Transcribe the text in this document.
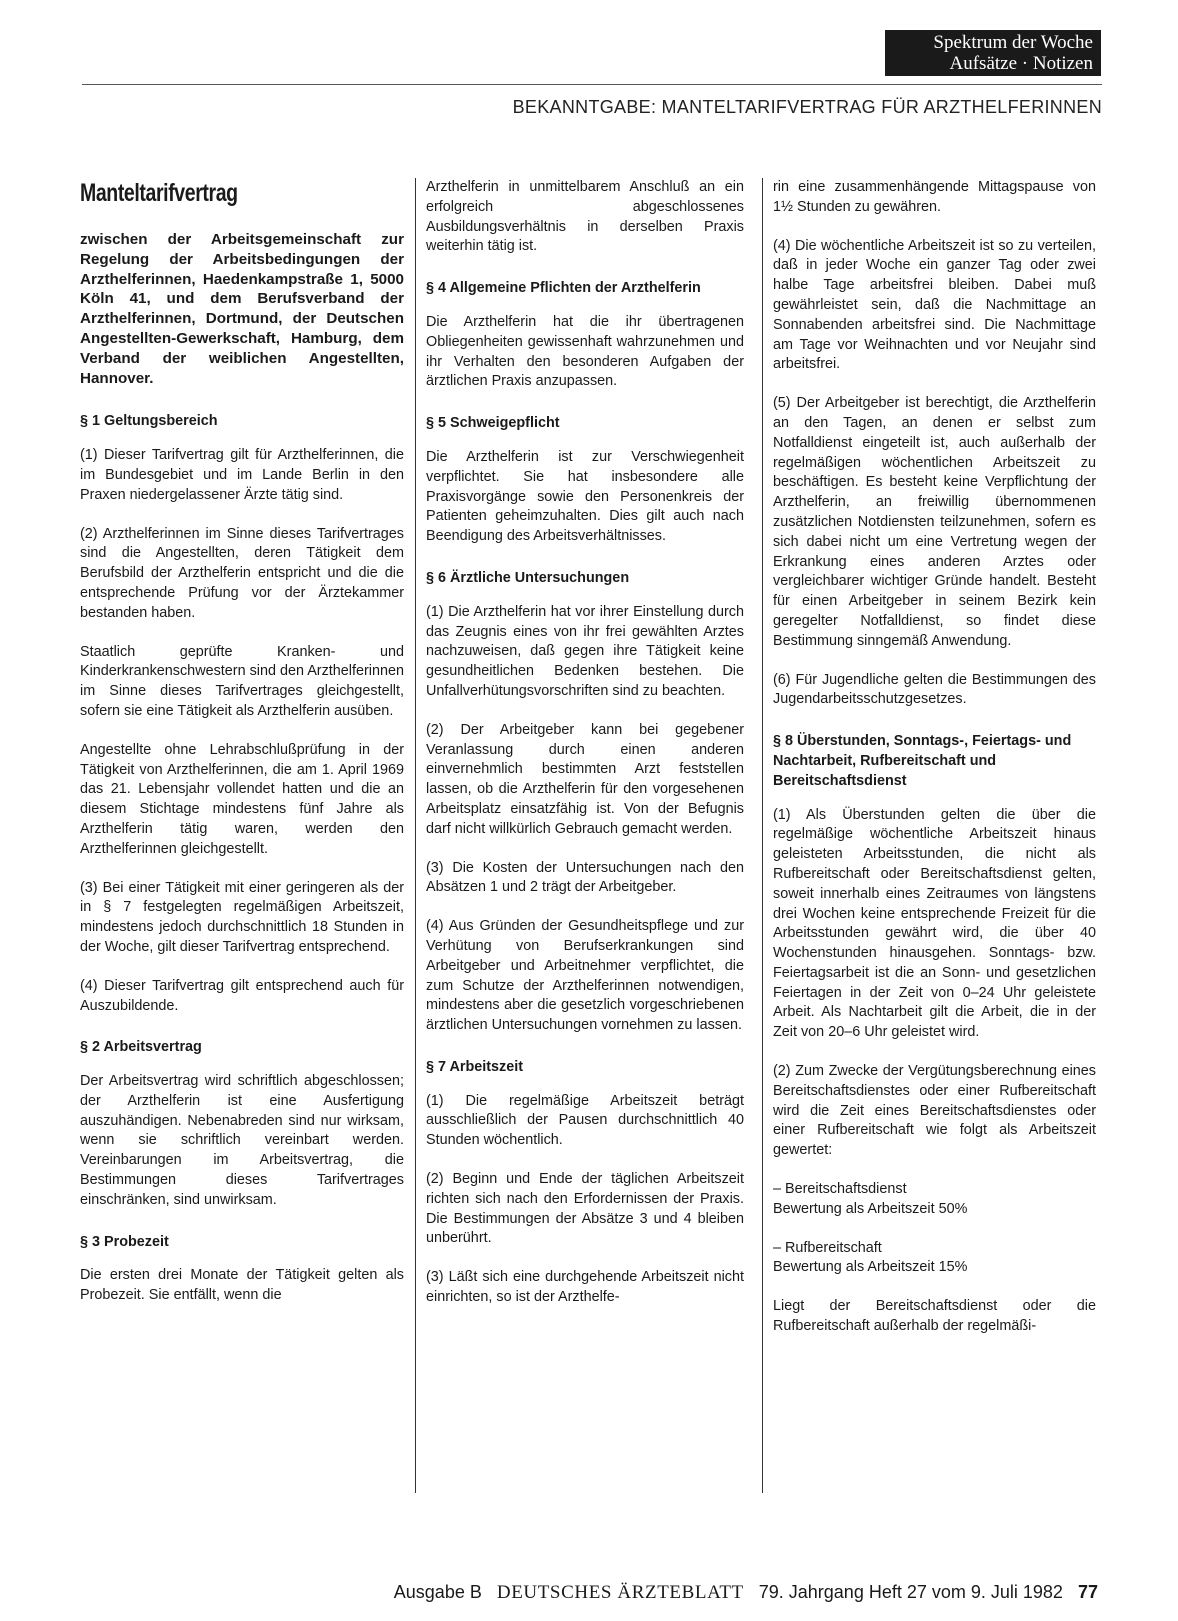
Spektrum der Woche
Aufsätze · Notizen
BEKANNTGABE: MANTELTARIFVERTRAG FÜR ARZTHELFERINNEN
Manteltarifvertrag
zwischen der Arbeitsgemeinschaft zur Regelung der Arbeitsbedingungen der Arzthelferinnen, Haedenkampstraße 1, 5000 Köln 41, und dem Berufsverband der Arzthelferinnen, Dortmund, der Deutschen Angestellten-Gewerkschaft, Hamburg, dem Verband der weiblichen Angestellten, Hannover.
§ 1 Geltungsbereich
(1) Dieser Tarifvertrag gilt für Arzthelferinnen, die im Bundesgebiet und im Lande Berlin in den Praxen niedergelassener Ärzte tätig sind.
(2) Arzthelferinnen im Sinne dieses Tarifvertrages sind die Angestellten, deren Tätigkeit dem Berufsbild der Arzthelferin entspricht und die die entsprechende Prüfung vor der Ärztekammer bestanden haben.
Staatlich geprüfte Kranken- und Kinderkrankenschwestern sind den Arzthelferinnen im Sinne dieses Tarifvertrages gleichgestellt, sofern sie eine Tätigkeit als Arzthelferin ausüben.
Angestellte ohne Lehrabschlußprüfung in der Tätigkeit von Arzthelferinnen, die am 1. April 1969 das 21. Lebensjahr vollendet hatten und die an diesem Stichtage mindestens fünf Jahre als Arzthelferin tätig waren, werden den Arzthelferinnen gleichgestellt.
(3) Bei einer Tätigkeit mit einer geringeren als der in § 7 festgelegten regelmäßigen Arbeitszeit, mindestens jedoch durchschnittlich 18 Stunden in der Woche, gilt dieser Tarifvertrag entsprechend.
(4) Dieser Tarifvertrag gilt entsprechend auch für Auszubildende.
§ 2 Arbeitsvertrag
Der Arbeitsvertrag wird schriftlich abgeschlossen; der Arzthelferin ist eine Ausfertigung auszuhändigen. Nebenabreden sind nur wirksam, wenn sie schriftlich vereinbart werden. Vereinbarungen im Arbeitsvertrag, die Bestimmungen dieses Tarifvertrages einschränken, sind unwirksam.
§ 3 Probezeit
Die ersten drei Monate der Tätigkeit gelten als Probezeit. Sie entfällt, wenn die
Arzthelferin in unmittelbarem Anschluß an ein erfolgreich abgeschlossenes Ausbildungsverhältnis in derselben Praxis weiterhin tätig ist.
§ 4 Allgemeine Pflichten der Arzthelferin
Die Arzthelferin hat die ihr übertragenen Obliegenheiten gewissenhaft wahrzunehmen und ihr Verhalten den besonderen Aufgaben der ärztlichen Praxis anzupassen.
§ 5 Schweigepflicht
Die Arzthelferin ist zur Verschwiegenheit verpflichtet. Sie hat insbesondere alle Praxisvorgänge sowie den Personenkreis der Patienten geheimzuhalten. Dies gilt auch nach Beendigung des Arbeitsverhältnisses.
§ 6 Ärztliche Untersuchungen
(1) Die Arzthelferin hat vor ihrer Einstellung durch das Zeugnis eines von ihr frei gewählten Arztes nachzuweisen, daß gegen ihre Tätigkeit keine gesundheitlichen Bedenken bestehen. Die Unfallverhütungsvorschriften sind zu beachten.
(2) Der Arbeitgeber kann bei gegebener Veranlassung durch einen anderen einvernehmlich bestimmten Arzt feststellen lassen, ob die Arzthelferin für den vorgesehenen Arbeitsplatz einsatzfähig ist. Von der Befugnis darf nicht willkürlich Gebrauch gemacht werden.
(3) Die Kosten der Untersuchungen nach den Absätzen 1 und 2 trägt der Arbeitgeber.
(4) Aus Gründen der Gesundheitspflege und zur Verhütung von Berufserkrankungen sind Arbeitgeber und Arbeitnehmer verpflichtet, die zum Schutze der Arzthelferinnen notwendigen, mindestens aber die gesetzlich vorgeschriebenen ärztlichen Untersuchungen vornehmen zu lassen.
§ 7 Arbeitszeit
(1) Die regelmäßige Arbeitszeit beträgt ausschließlich der Pausen durchschnittlich 40 Stunden wöchentlich.
(2) Beginn und Ende der täglichen Arbeitszeit richten sich nach den Erfordernissen der Praxis. Die Bestimmungen der Absätze 3 und 4 bleiben unberührt.
(3) Läßt sich eine durchgehende Arbeitszeit nicht einrichten, so ist der Arzthelfe-
rin eine zusammenhängende Mittagspause von 1½ Stunden zu gewähren.
(4) Die wöchentliche Arbeitszeit ist so zu verteilen, daß in jeder Woche ein ganzer Tag oder zwei halbe Tage arbeitsfrei bleiben. Dabei muß gewährleistet sein, daß die Nachmittage an Sonnabenden arbeitsfrei sind. Die Nachmittage am Tage vor Weihnachten und vor Neujahr sind arbeitsfrei.
(5) Der Arbeitgeber ist berechtigt, die Arzthelferin an den Tagen, an denen er selbst zum Notfalldienst eingeteilt ist, auch außerhalb der regelmäßigen wöchentlichen Arbeitszeit zu beschäftigen. Es besteht keine Verpflichtung der Arzthelferin, an freiwillig übernommenen zusätzlichen Notdiensten teilzunehmen, sofern es sich dabei nicht um eine Vertretung wegen der Erkrankung eines anderen Arztes oder vergleichbarer wichtiger Gründe handelt. Besteht für einen Arbeitgeber in seinem Bezirk kein geregelter Notfalldienst, so findet diese Bestimmung sinngemäß Anwendung.
(6) Für Jugendliche gelten die Bestimmungen des Jugendarbeitsschutzgesetzes.
§ 8 Überstunden, Sonntags-, Feiertags- und Nachtarbeit, Rufbereitschaft und Bereitschaftsdienst
(1) Als Überstunden gelten die über die regelmäßige wöchentliche Arbeitszeit hinaus geleisteten Arbeitsstunden, die nicht als Rufbereitschaft oder Bereitschaftsdienst gelten, soweit innerhalb eines Zeitraumes von längstens drei Wochen keine entsprechende Freizeit für die Arbeitsstunden gewährt wird, die über 40 Wochenstunden hinausgehen. Sonntags- bzw. Feiertagsarbeit ist die an Sonn- und gesetzlichen Feiertagen in der Zeit von 0–24 Uhr geleistete Arbeit. Als Nachtarbeit gilt die Arbeit, die in der Zeit von 20–6 Uhr geleistet wird.
(2) Zum Zwecke der Vergütungsberechnung eines Bereitschaftsdienstes oder einer Rufbereitschaft wird die Zeit eines Bereitschaftsdienstes oder einer Rufbereitschaft wie folgt als Arbeitszeit gewertet:
– Bereitschaftsdienst
Bewertung als Arbeitszeit 50%
– Rufbereitschaft
Bewertung als Arbeitszeit 15%
Liegt der Bereitschaftsdienst oder die Rufbereitschaft außerhalb der regelmäßi-
Ausgabe B DEUTSCHES ÄRZTEBLATT 79. Jahrgang Heft 27 vom 9. Juli 1982 77
